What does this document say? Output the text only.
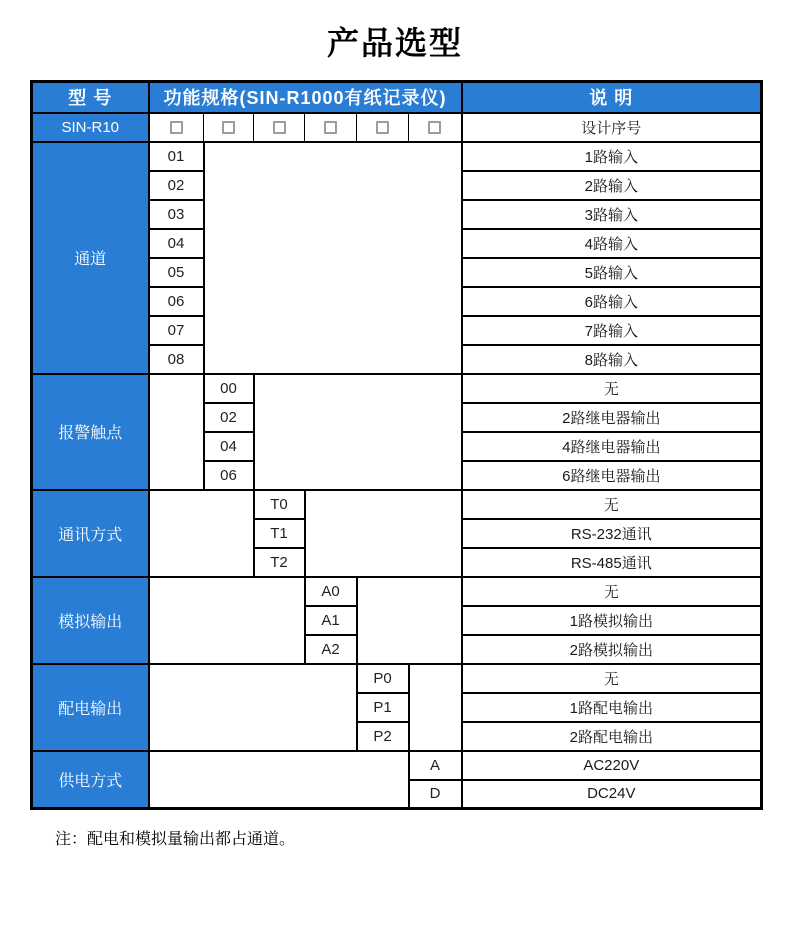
产品选型
型 号	功能规格(SIN-R1000有纸记录仪)						说 明
SIN-R10							设计序号
通道	01						1路输入
	02						2路输入
	03						3路输入
	04						4路输入
	05						5路输入
	06						6路输入
	07						7路输入
	08						8路输入
报警触点		00					无
		02					2路继电器输出
		04					4路继电器输出
		06					6路继电器输出
通讯方式			T0				无
			T1				RS-232通讯
			T2				RS-485通讯
模拟输出				A0			无
				A1			1路模拟输出
				A2			2路模拟输出
配电输出					P0		无
					P1		1路配电输出
					P2		2路配电输出
供电方式						A	AC220V
						D	DC24V

注：配电和模拟量输出都占通道。
